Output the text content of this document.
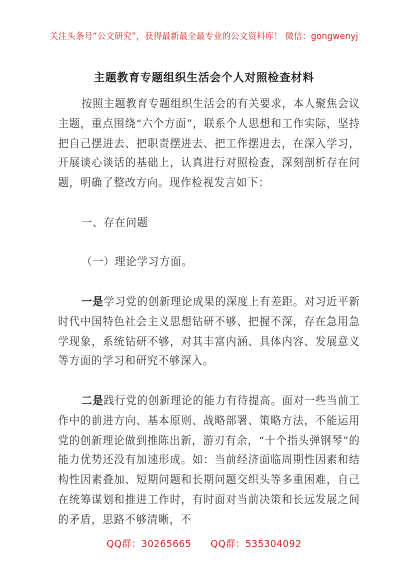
关注头条号“公文研究”，获得最新最全最专业的公文资料库！ 微信：gongwenyj
主题教育专题组织生活会个人对照检查材料

按照主题教育专题组织生活会的有关要求，本人聚焦会议主题，重点围绕“六个方面”，联系个人思想和工作实际，坚持把自己摆进去、把职责摆进去、把工作摆进去，在深入学习，开展谈心谈话的基础上，认真进行对照检查，深刻剖析存在问题，明确了整改方向。现作检视发言如下：

一、存在问题

（一）理论学习方面。

一是学习党的创新理论成果的深度上有差距。对习近平新时代中国特色社会主义思想钻研不够、把握不深，存在急用急学现象，系统钻研不够，对其丰富内涵、具体内容、发展意义等方面的学习和研究不够深入。

二是践行党的创新理论的能力有待提高。面对一些当前工作中的前进方向、基本原则、战略部署、策略方法，不能运用党的创新理论做到推陈出新，游刃有余，“十个指头弹钢琴”的能力优势还没有加速形成。如：当前经济面临周期性因素和结构性因素叠加、短期问题和长期问题交织头等多重困难，自己在统筹谋划和推进工作时，有时面对当前决策和长远发展之间的矛盾，思路不够清晰，不

QQ群：30265665 QQ群：535304092
